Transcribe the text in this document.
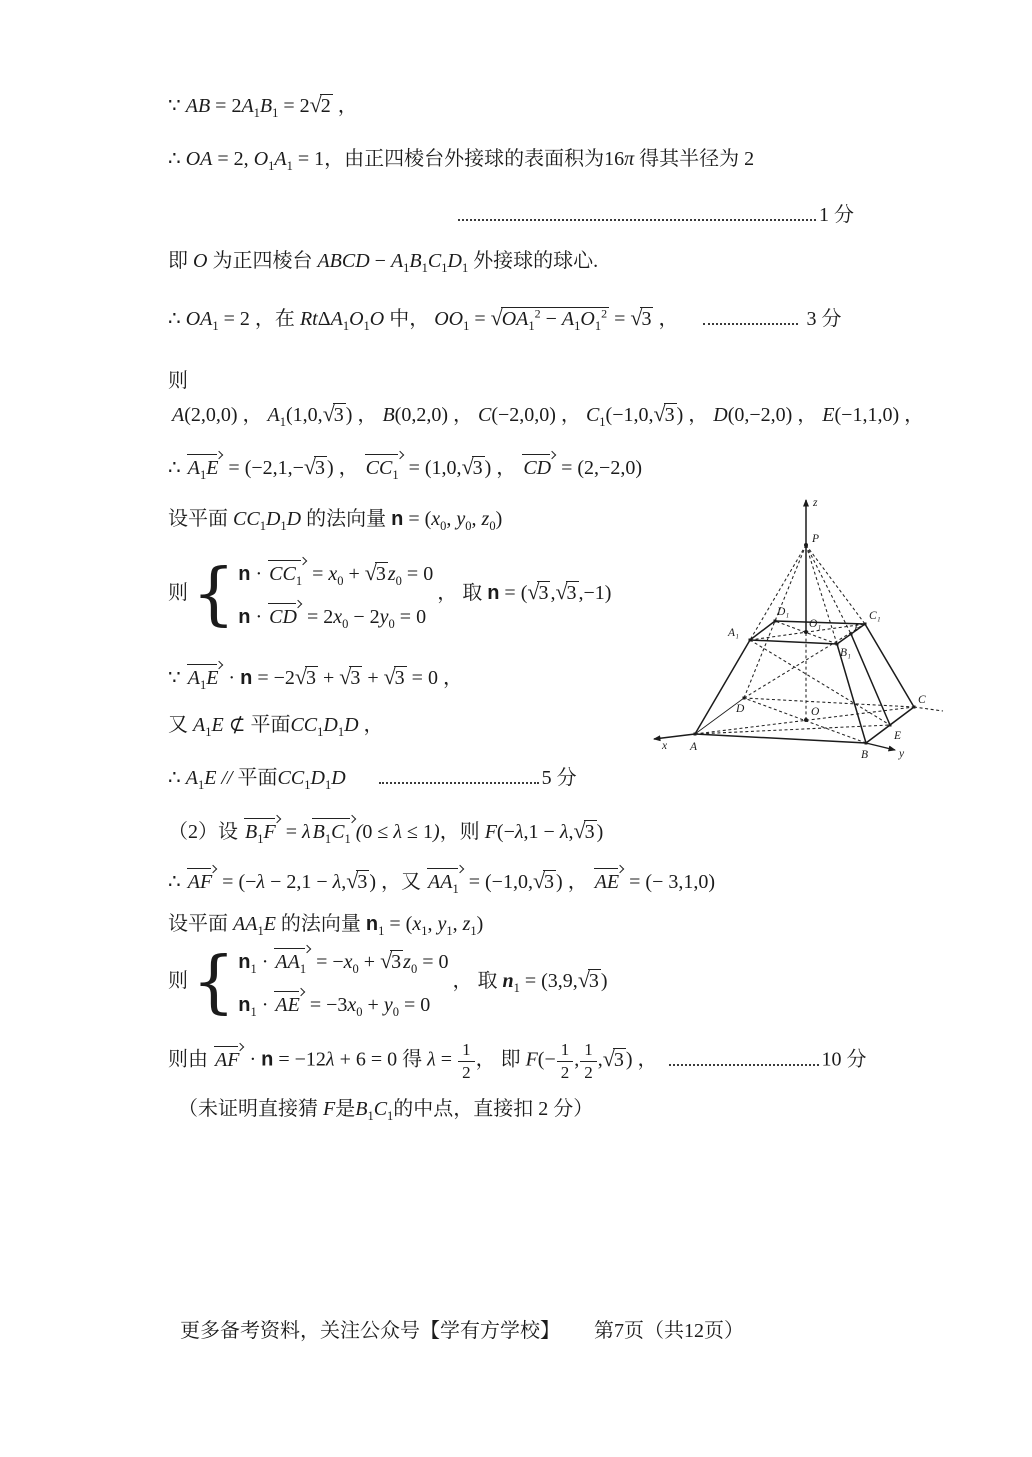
∵ AB = $2A_1B_1 = 2√2$ ，
∴ OA = 2, $O_1A_1 = 1$，由正四棱台外接球的表面积为16π 得其半径为 2
1 分
即 O 为正四棱台 ABCD − $A_1B_1C_1D_1$ 外接球的球心.
∴ $OA_1 = 2$ ，在 $Rt\Delta A_1O_1O$ 中， $OO_1 = √OA_1^2 - A_1O_1^2 = √3$ ，	3 分
则
A(2,0,0) ， $A_1(1,0,√3$ ) ， B(0,2,0) ， C(−2,0,0) ， $C_1(-1,0,√3$ ) ， D(0,−2,0) ， E(−1,1,0) ，
∴ $A_1E = (-2,1,-√3$ ) ， $CC_1 = (1,0,√3$ ) ， CD = (2,−2,0)
设平面 $CC_1D_1D$ 的法向量 $n = (x_0$, $y_0$, $z_0$)
则 { $n \cdot CC_1 = x_0 + √3$ $z_0 = 0$
n · CD = $2x_0 - 2y_0 = 0$
， 取 n = (√3 ,√3 ,−1)
∵ $A_1E \cdot n = -2√3 + √3 + √3 = 0$ ，
又 $A_1E$ ⊄ 平面$CC_1D_1D$ ，
∴ $A_1E$ // 平面$CC_1D_1D$	5 分
（2）设 $B_1F = \lambda$ $B_1C_1$ (0 ≤ λ ≤ 1)，则 F(−λ,1 − λ,√3 )
∴ AF = (−λ − 2,1 − λ,√3 ) ，又 $AA_1 = (-1,0,√3$ ) ， AE = (− 3,1,0)
设平面 $AA_1E$ 的法向量 $n_1 = (x_1$, $y_1$, $z_1$)
则 { $n_1 \cdot AA_1 = -x_0 + √3$ $z_0 = 0$
$n_1$ · AE = $-3x_0 + y_0 = 0$
， 取 $n_1 = (3,9,√3$ )
则由 AF · n = −12λ + 6 = 0 得 $\lambda = \frac{1}{2}$ ， 即 $F(- \frac{1}{2}$ , $\frac{1}{2} ,√3$ ) ，	10 分
（未证明直接猜 F是$B_1C_1$的中点，直接扣 2 分）
更多备考资料，关注公众号【学有方学校】 第7页（共12页）
z
P
A₁
D₁
O₁
C₁
F
B₁
D	O
C
E
A
B
x
y
